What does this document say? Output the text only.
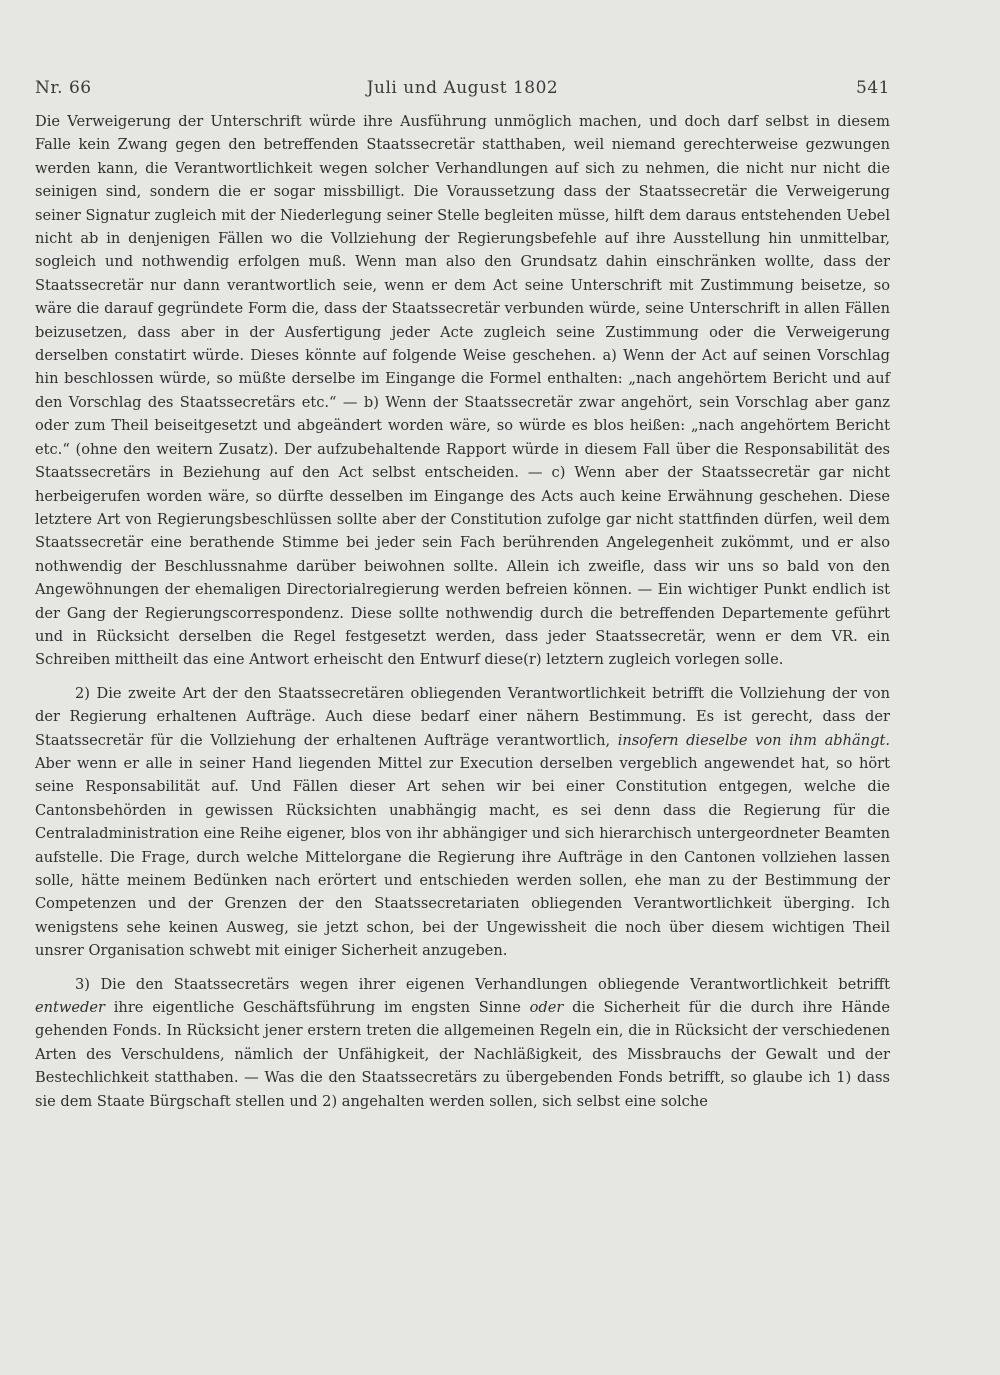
Nr. 66	Juli und August 1802	541

Die Verweigerung der Unterschrift würde ihre Ausführung unmöglich machen, und doch darf selbst in diesem Falle kein Zwang gegen den betreffenden Staatssecretär statthaben, weil niemand gerechterweise gezwungen werden kann, die Verantwortlichkeit wegen solcher Verhandlungen auf sich zu nehmen, die nicht nur nicht die seinigen sind, sondern die er sogar missbilligt. Die Voraussetzung dass der Staatssecretär die Verweigerung seiner Signatur zugleich mit der Niederlegung seiner Stelle begleiten müsse, hilft dem daraus entstehenden Uebel nicht ab in denjenigen Fällen wo die Vollziehung der Regierungsbefehle auf ihre Ausstellung hin unmittelbar, sogleich und nothwendig erfolgen muß. Wenn man also den Grundsatz dahin einschränken wollte, dass der Staatssecretär nur dann verantwortlich seie, wenn er dem Act seine Unterschrift mit Zustimmung beisetze, so wäre die darauf gegründete Form die, dass der Staatssecretär verbunden würde, seine Unterschrift in allen Fällen beizusetzen, dass aber in der Ausfertigung jeder Acte zugleich seine Zustimmung oder die Verweigerung derselben constatirt würde. Dieses könnte auf folgende Weise geschehen. a) Wenn der Act auf seinen Vorschlag hin beschlossen würde, so müßte derselbe im Eingange die Formel enthalten: „nach angehörtem Bericht und auf den Vorschlag des Staatssecretärs etc.“ — b) Wenn der Staatssecretär zwar angehört, sein Vorschlag aber ganz oder zum Theil beiseitgesetzt und abgeändert worden wäre, so würde es blos heißen: „nach angehörtem Bericht etc.“ (ohne den weitern Zusatz). Der aufzubehaltende Rapport würde in diesem Fall über die Responsabilität des Staatssecretärs in Beziehung auf den Act selbst entscheiden. — c) Wenn aber der Staatssecretär gar nicht herbeigerufen worden wäre, so dürfte desselben im Eingange des Acts auch keine Erwähnung geschehen. Diese letztere Art von Regierungsbeschlüssen sollte aber der Constitution zufolge gar nicht stattfinden dürfen, weil dem Staatssecretär eine berathende Stimme bei jeder sein Fach berührenden Angelegenheit zukömmt, und er also nothwendig der Beschlussnahme darüber beiwohnen sollte. Allein ich zweifle, dass wir uns so bald von den Angewöhnungen der ehemaligen Directorialregierung werden befreien können. — Ein wichtiger Punkt endlich ist der Gang der Regierungscorrespondenz. Diese sollte nothwendig durch die betreffenden Departemente geführt und in Rücksicht derselben die Regel festgesetzt werden, dass jeder Staatssecretär, wenn er dem VR. ein Schreiben mittheilt das eine Antwort erheischt den Entwurf diese(r) letztern zugleich vorlegen solle.

2) Die zweite Art der den Staatssecretären obliegenden Verantwortlichkeit betrifft die Vollziehung der von der Regierung erhaltenen Aufträge. Auch diese bedarf einer nähern Bestimmung. Es ist gerecht, dass der Staatssecretär für die Vollziehung der erhaltenen Aufträge verantwortlich, insofern dieselbe von ihm abhängt. Aber wenn er alle in seiner Hand liegenden Mittel zur Execution derselben vergeblich angewendet hat, so hört seine Responsabilität auf. Und Fällen dieser Art sehen wir bei einer Constitution entgegen, welche die Cantonsbehörden in gewissen Rücksichten unabhängig macht, es sei denn dass die Regierung für die Centraladministration eine Reihe eigener, blos von ihr abhängiger und sich hierarchisch untergeordneter Beamten aufstelle. Die Frage, durch welche Mittelorgane die Regierung ihre Aufträge in den Cantonen vollziehen lassen solle, hätte meinem Bedünken nach erörtert und entschieden werden sollen, ehe man zu der Bestimmung der Competenzen und der Grenzen der den Staatssecretariaten obliegenden Verantwortlichkeit überging. Ich wenigstens sehe keinen Ausweg, sie jetzt schon, bei der Ungewissheit die noch über diesem wichtigen Theil unsrer Organisation schwebt mit einiger Sicherheit anzugeben.

3) Die den Staatssecretärs wegen ihrer eigenen Verhandlungen obliegende Verantwortlichkeit betrifft entweder ihre eigentliche Geschäftsführung im engsten Sinne oder die Sicherheit für die durch ihre Hände gehenden Fonds. In Rücksicht jener erstern treten die allgemeinen Regeln ein, die in Rücksicht der verschiedenen Arten des Verschuldens, nämlich der Unfähigkeit, der Nachläßigkeit, des Missbrauchs der Gewalt und der Bestechlichkeit statthaben. — Was die den Staatssecretärs zu übergebenden Fonds betrifft, so glaube ich 1) dass sie dem Staate Bürgschaft stellen und 2) angehalten werden sollen, sich selbst eine solche
